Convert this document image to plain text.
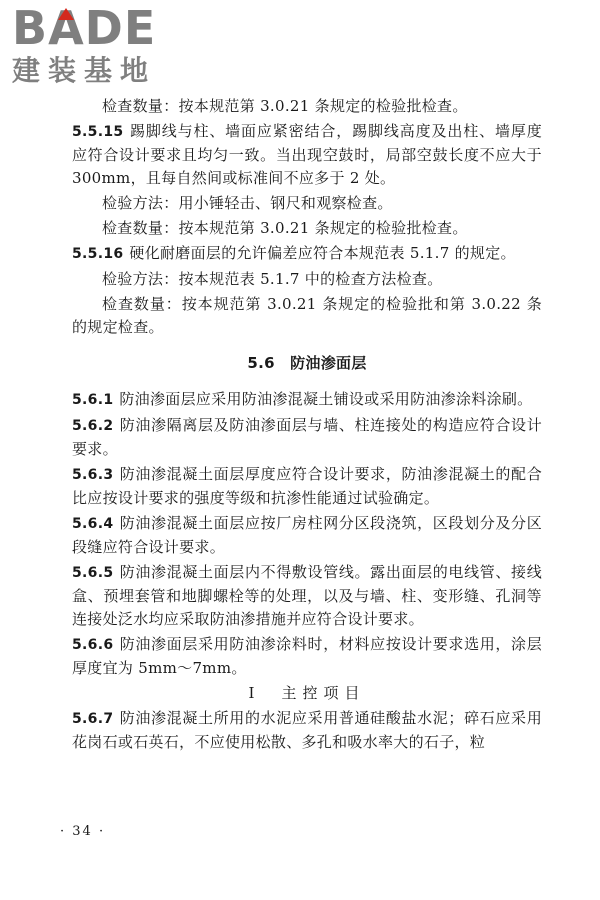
BA
DE
建装基地
检查数量：按本规范第 3.0.21 条规定的检验批检查。
5.5.15 踢脚线与柱、墙面应紧密结合，踢脚线高度及出柱、墙厚度应符合设计要求且均匀一致。当出现空鼓时，局部空鼓长度不应大于 300mm，且每自然间或标准间不应多于 2 处。
检验方法：用小锤轻击、钢尺和观察检查。
检查数量：按本规范第 3.0.21 条规定的检验批检查。
5.5.16 硬化耐磨面层的允许偏差应符合本规范表 5.1.7 的规定。
检验方法：按本规范表 5.1.7 中的检查方法检查。
检查数量：按本规范第 3.0.21 条规定的检验批和第 3.0.22 条的规定检查。
5.6　防油渗面层
5.6.1 防油渗面层应采用防油渗混凝土铺设或采用防油渗涂料涂刷。
5.6.2 防油渗隔离层及防油渗面层与墙、柱连接处的构造应符合设计要求。
5.6.3 防油渗混凝土面层厚度应符合设计要求，防油渗混凝土的配合比应按设计要求的强度等级和抗渗性能通过试验确定。
5.6.4 防油渗混凝土面层应按厂房柱网分区段浇筑，区段划分及分区段缝应符合设计要求。
5.6.5 防油渗混凝土面层内不得敷设管线。露出面层的电线管、接线盒、预埋套管和地脚螺栓等的处理，以及与墙、柱、变形缝、孔洞等连接处泛水均应采取防油渗措施并应符合设计要求。
5.6.6 防油渗面层采用防油渗涂料时，材料应按设计要求选用，涂层厚度宜为 5mm～7mm。
Ⅰ　主控项目
5.6.7 防油渗混凝土所用的水泥应采用普通硅酸盐水泥；碎石应采用花岗石或石英石，不应使用松散、多孔和吸水率大的石子，粒
· 34 ·
